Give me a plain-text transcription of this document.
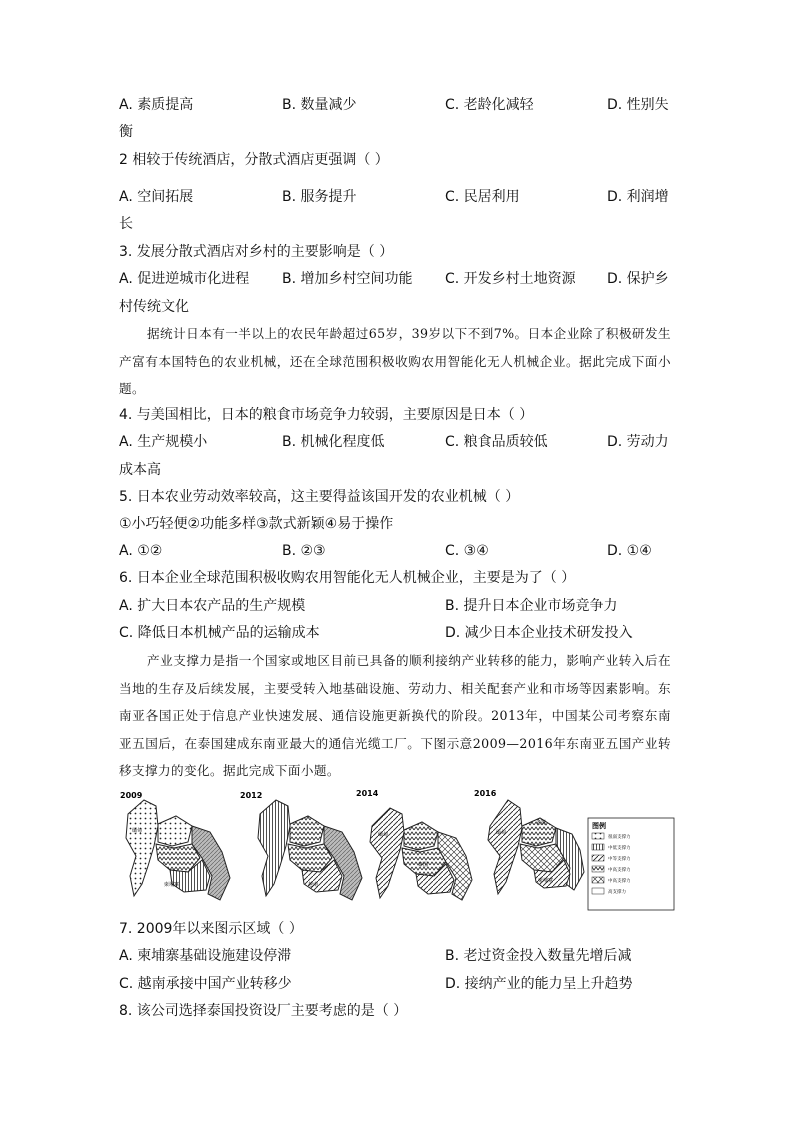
A. 素质提高	B. 数量减少	C. 老龄化减轻	D. 性别失
衡
2 相较于传统酒店，分散式酒店更强调（ ）
A. 空间拓展	B. 服务提升	C. 民居利用	D. 利润增
长
3. 发展分散式酒店对乡村的主要影响是（ ）
A. 促进逆城市化进程 B. 增加乡村空间功能 C. 开发乡村土地资源 D. 保护乡
村传统文化
据统计日本有一半以上的农民年龄超过65岁，39岁以下不到7%。日本企业除了积极研发生产富有本国特色的农业机械，还在全球范围积极收购农用智能化无人机械企业。据此完成下面小题。
4. 与美国相比，日本的粮食市场竞争力较弱，主要原因是日本（ ）
A. 生产规模小	B. 机械化程度低	C. 粮食品质较低	D. 劳动力
成本高
5. 日本农业劳动效率较高，这主要得益该国开发的农业机械（ ）
①小巧轻便②功能多样③款式新颖④易于操作
A. ①②	B. ②③	C. ③④	D. ①④
6. 日本企业全球范围积极收购农用智能化无人机械企业，主要是为了（ ）
A. 扩大日本农产品的生产规模	B. 提升日本企业市场竞争力
C. 降低日本机械产品的运输成本	D. 减少日本企业技术研发投入
产业支撑力是指一个国家或地区目前已具备的顺利接纳产业转移的能力，影响产业转入后在当地的生存及后续发展，主要受转入地基础设施、劳动力、相关配套产业和市场等因素影响。东南亚各国正处于信息产业快速发展、通信设施更新换代的阶段。2013年，中国某公司考察东南亚五国后，在泰国建成东南亚最大的通信光缆工厂。下图示意2009—2016年东南亚五国产业转移支撑力的变化。据此完成下面小题。
2009
缅甸
柬埔寨
2012
越南
2014
缅甸
泰国
2016
缅甸
老挝
柬埔寨
图例
很弱支撑力
中低支撑力
中等支撑力
中高支撑力
中高支撑力
高支撑力
7. 2009年以来图示区域（ ）
A. 柬埔寨基础设施建设停滞	B. 老过资金投入数量先增后减
C. 越南承接中国产业转移少	D. 接纳产业的能力呈上升趋势
8. 该公司选择泰国投资设厂主要考虑的是（ ）
